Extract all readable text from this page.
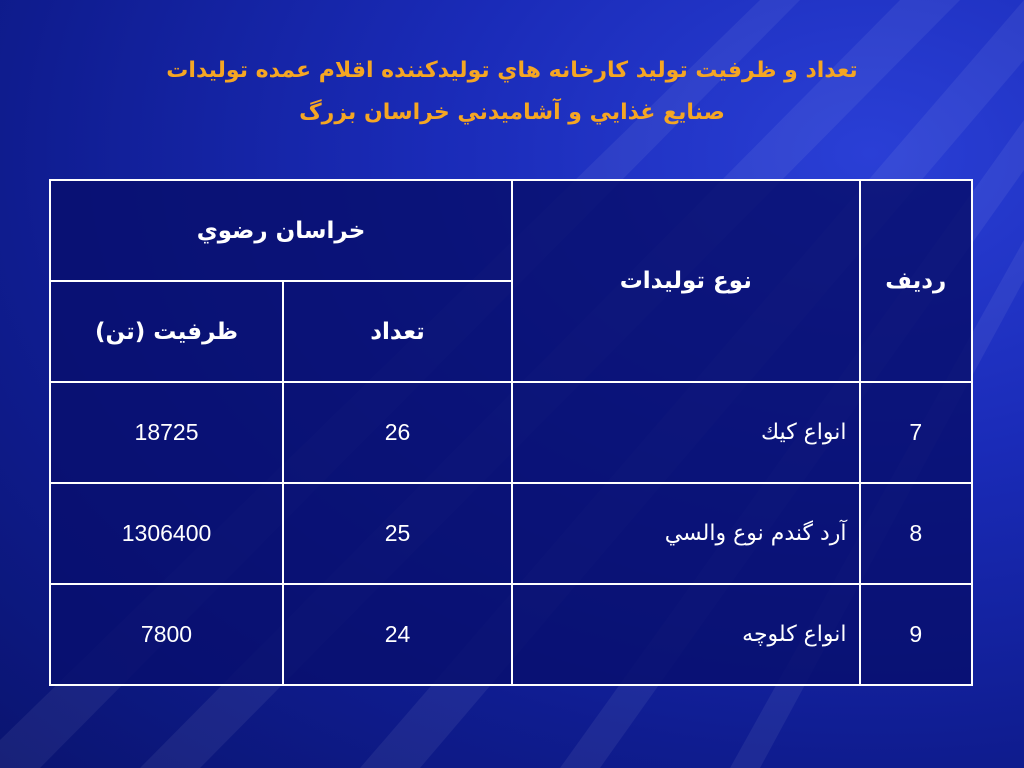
تعداد و ظرفيت توليد كارخانه هاي توليدكننده اقلام عمده توليدات
صنايع غذايي و آشاميدني خراسان بزرگ
رديف	نوع توليدات	خراسان رضوي	
		تعداد	ظرفيت (تن)
7	انواع كيك	26	18725
8	آرد گندم نوع والسي	25	1306400
9	انواع كلوچه	24	7800
